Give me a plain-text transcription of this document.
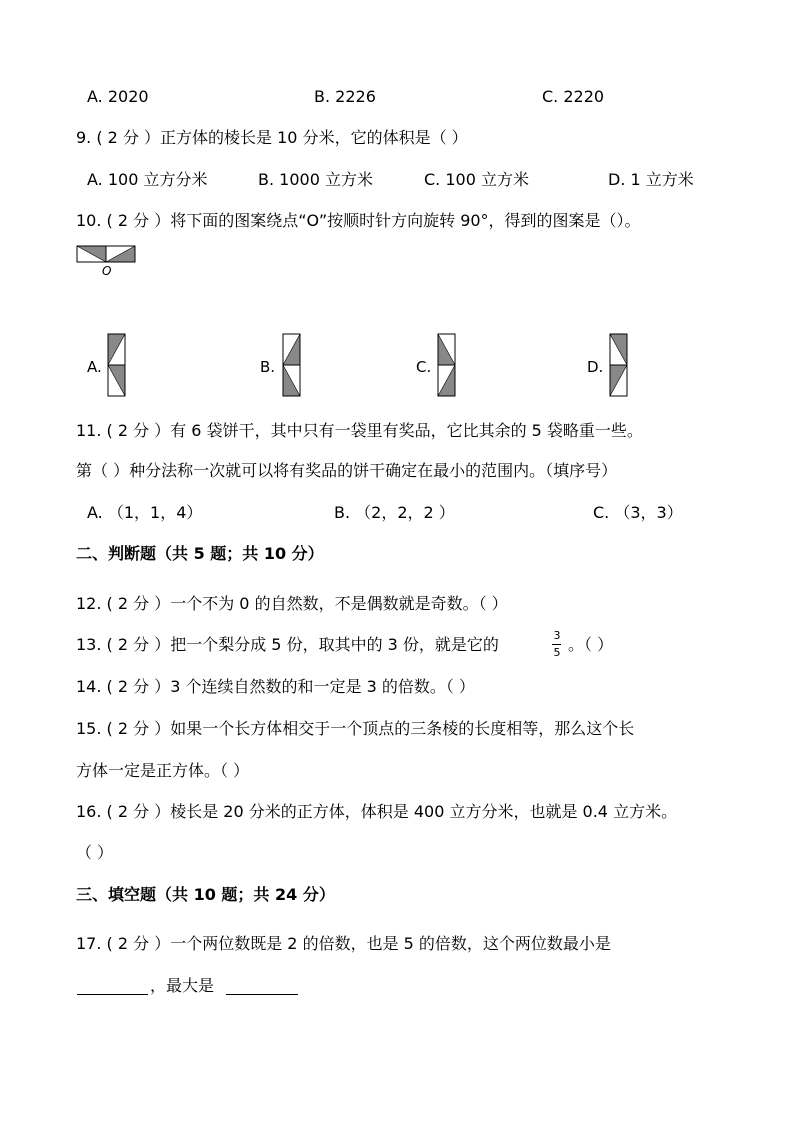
A. 2020	B. 2226	C. 2220
9. ( 2 分 ）正方体的棱长是 10 分米，它的体积是（ ）
A. 100 立方分米	B. 1000 立方米	C. 100 立方米	D. 1 立方米
10. ( 2 分 ）将下面的图案绕点“O”按顺时针方向旋转 90°，得到的图案是（）。
O
A.	B.	C.	D.
11. ( 2 分 ）有 6 袋饼干，其中只有一袋里有奖品，它比其余的 5 袋略重一些。
第（ ）种分法称一次就可以将有奖品的饼干确定在最小的范围内。（填序号）
A. （1，1，4）	B. （2，2，2 ）	C. （3，3）
二、判断题（共 5 题；共 10 分）
12. ( 2 分 ）一个不为 0 的自然数，不是偶数就是奇数。（ ）
13. ( 2 分 ）把一个梨分成 5 份，取其中的 3 份，就是它的	3
5 。（ ）
14. ( 2 分 ）3 个连续自然数的和一定是 3 的倍数。（ ）
15. ( 2 分 ）如果一个长方体相交于一个顶点的三条棱的长度相等，那么这个长
方体一定是正方体。（ ）
16. ( 2 分 ）棱长是 20 分米的正方体，体积是 400 立方分米，也就是 0.4 立方米。
（ ）
三、填空题（共 10 题；共 24 分）
17. ( 2 分 ）一个两位数既是 2 的倍数，也是 5 的倍数，这个两位数最小是
，最大是
